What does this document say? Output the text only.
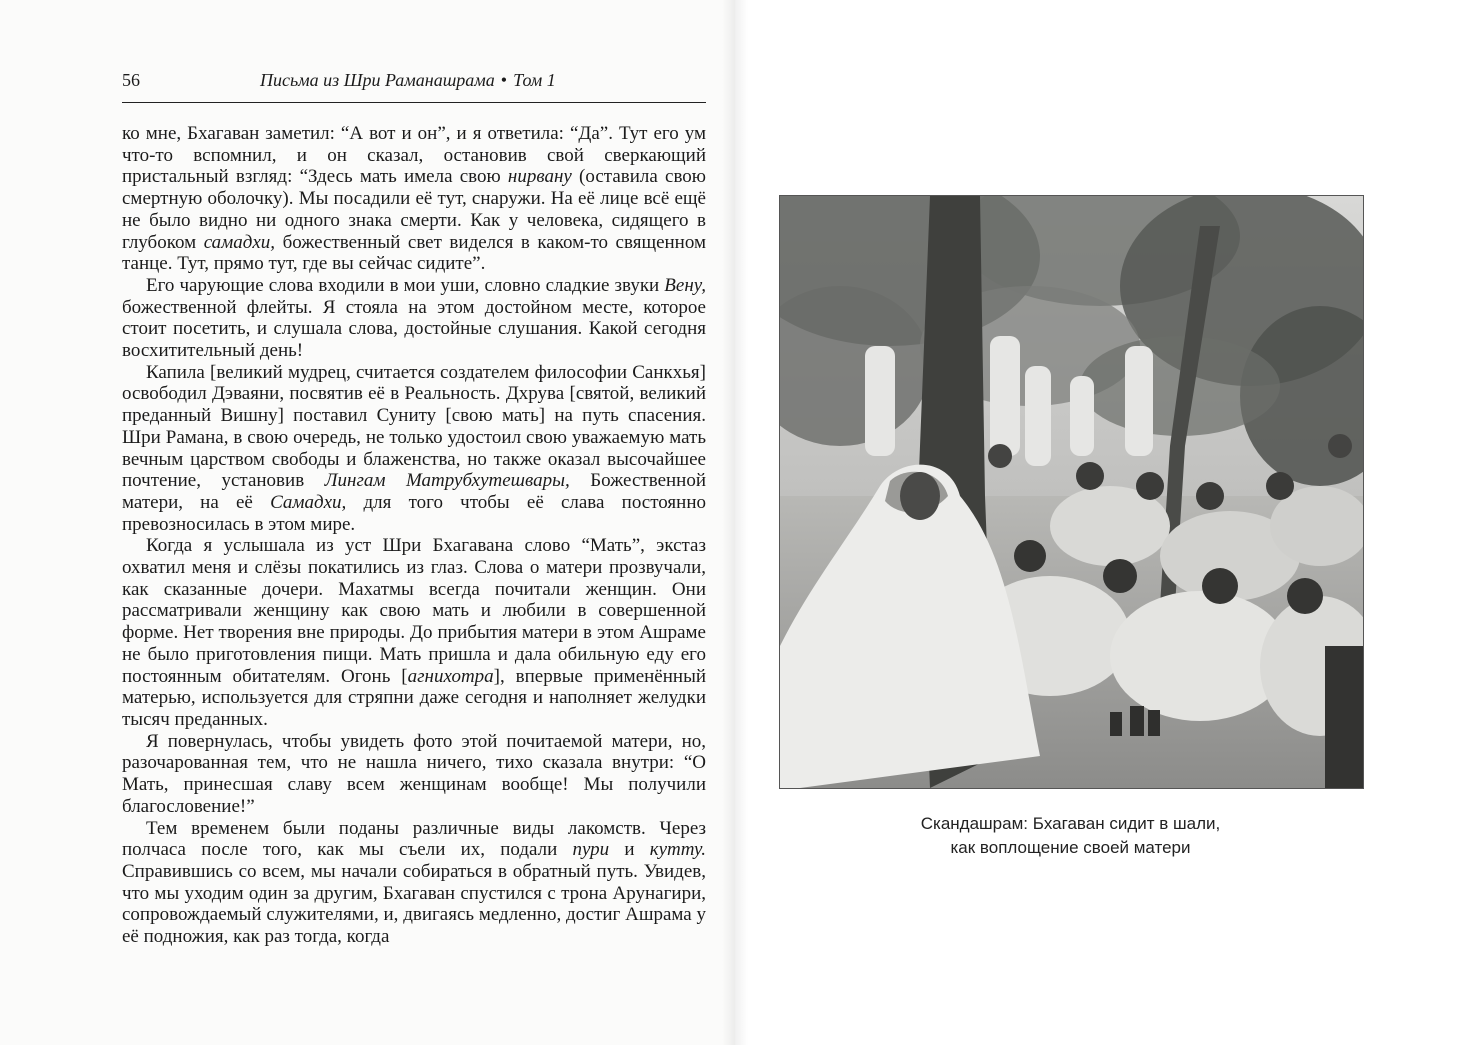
56	Письма из Шри Раманашрама • Том 1

ко мне, Бхагаван заметил: “А вот и он”, и я ответила: “Да”. Тут его ум что-то вспомнил, и он сказал, остановив свой сверкающий пристальный взгляд: “Здесь мать имела свою нирвану (оставила свою смертную оболочку). Мы посадили её тут, снаружи. На её лице всё ещё не было видно ни одного знака смерти. Как у человека, сидящего в глубоком самадхи, божественный свет виделся в каком-то священном танце. Тут, прямо тут, где вы сейчас сидите”.

Его чарующие слова входили в мои уши, словно сладкие звуки Вену, божественной флейты. Я стояла на этом достойном месте, которое стоит посетить, и слушала слова, достойные слушания. Какой сегодня восхитительный день!

Капила [великий мудрец, считается создателем философии Санкхья] освободил Дэваяни, посвятив её в Реальность. Дхрува [святой, великий преданный Вишну] поставил Суниту [свою мать] на путь спасения. Шри Рамана, в свою очередь, не только удостоил свою уважаемую мать вечным царством свободы и блаженства, но также оказал высочайшее почтение, установив Лингам Матрубхутешвары, Божественной матери, на её Самадхи, для того чтобы её слава постоянно превозносилась в этом мире.

Когда я услышала из уст Шри Бхагавана слово “Мать”, экстаз охватил меня и слёзы покатились из глаз. Слова о матери прозвучали, как сказанные дочери. Махатмы всегда почитали женщин. Они рассматривали женщину как свою мать и любили в совершенной форме. Нет творения вне природы. До прибытия матери в этом Ашраме не было приготовления пищи. Мать пришла и дала обильную еду его постоянным обитателям. Огонь [агнихотра], впервые применённый матерью, используется для стряпни даже сегодня и наполняет желудки тысяч преданных.

Я повернулась, чтобы увидеть фото этой почитаемой матери, но, разочарованная тем, что не нашла ничего, тихо сказала внутри: “О Мать, принесшая славу всем женщинам вообще! Мы получили благословение!”

Тем временем были поданы различные виды лакомств. Через полчаса после того, как мы съели их, подали пури и кутту. Справившись со всем, мы начали собираться в обратный путь. Увидев, что мы уходим один за другим, Бхагаван спустился с трона Арунагири, сопровождаемый служителями, и, двигаясь медленно, достиг Ашрама у её подножия, как раз тогда, когда

Скандашрам: Бхагаван сидит в шали,
как воплощение своей матери
